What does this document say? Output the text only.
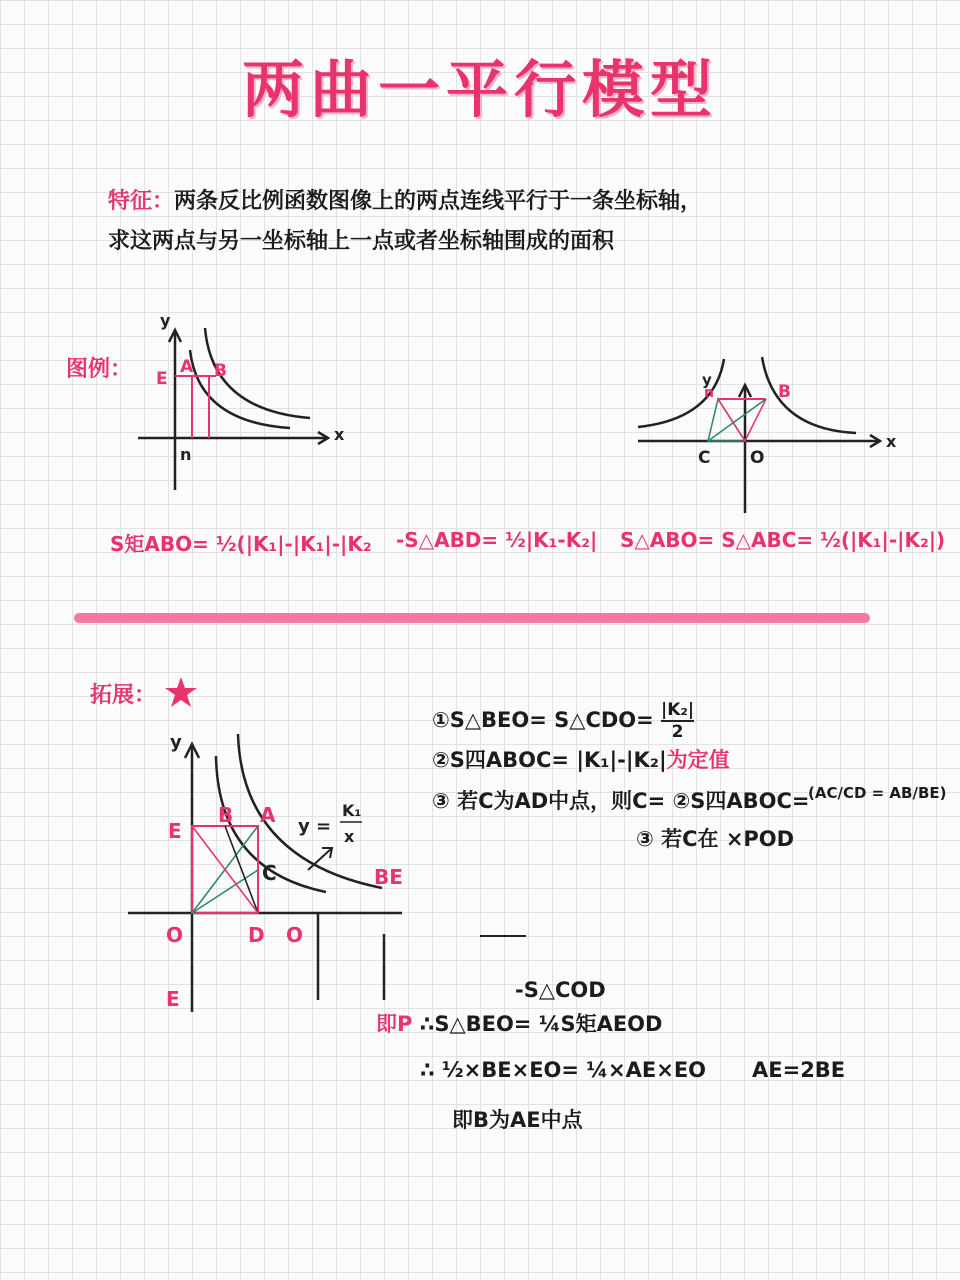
两曲一平行模型
特征：两条反比例函数图像上的两点连线平行于一条坐标轴，
求这两点与另一坐标轴上一点或者坐标轴围成的面积
图例：
y
x
E
A B
n
y
x
n	B
C O
S矩ABO= ½(|K₁|-|K₁|-|K₂ -S△ABD= ½|K₁-K₂| S△ABO= S△ABC= ½(|K₁|-|K₂|)
拓展：
y
E
B A
C
O	D O
E
BE
y =
K₁
x
①S△BEO= S△CDO= $\frac{\text{|K₂|}}{2}$
②S四ABOC= |K₁|-|K₂|为定值
③ 若C为AD中点，则C= ②S四ABOC=
(AC/CD = AB/BE)
③ 若C在 ×POD
-S△COD
即P ∴S△BEO= ¼S矩AEOD
∴ ½×BE×EO= ¼×AE×EO AE=2BE
即B为AE中点
